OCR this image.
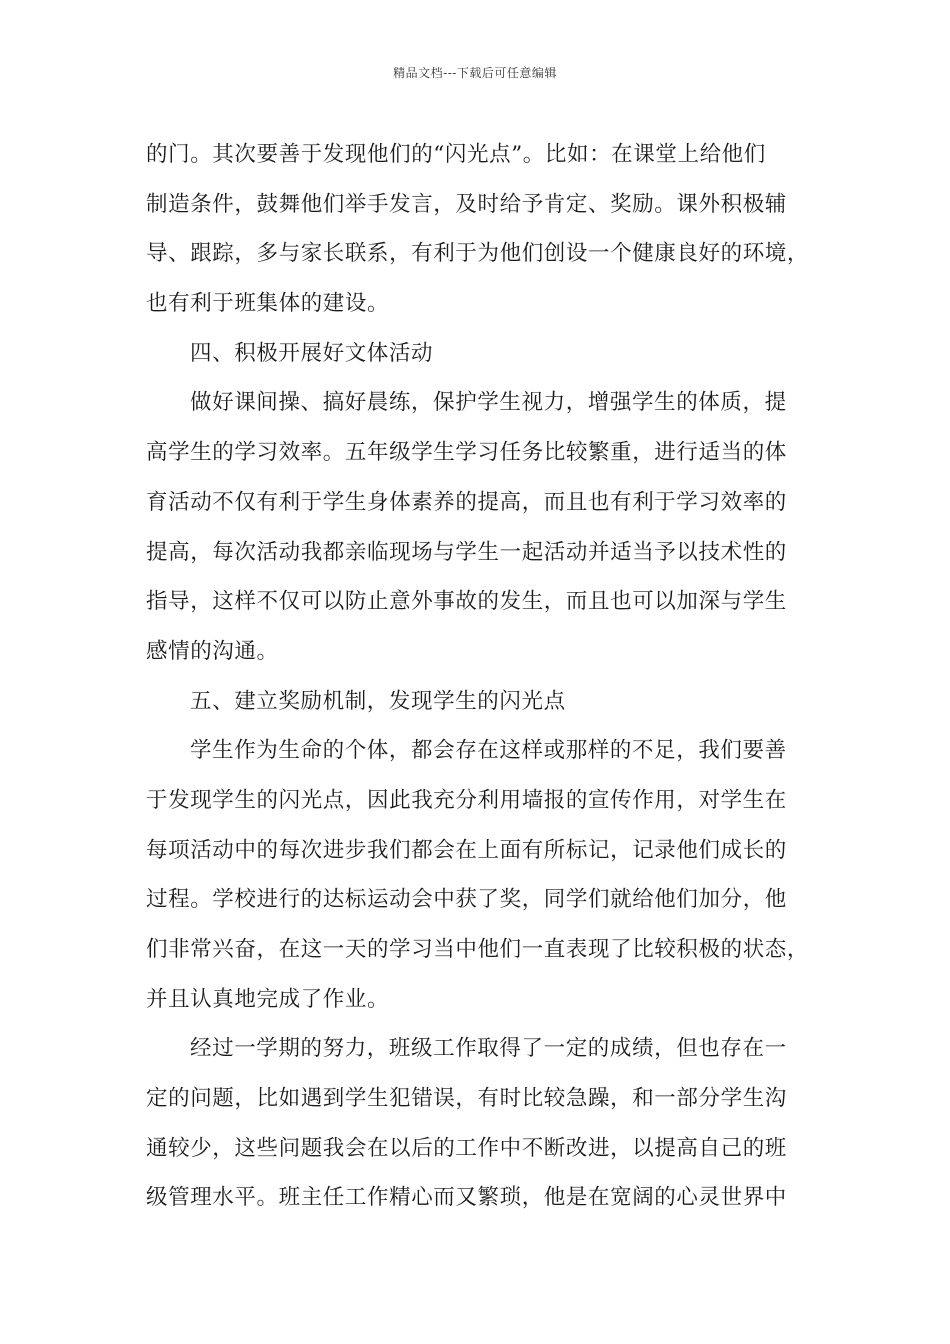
精品文档---下载后可任意编辑
的门。其次要善于发现他们的“闪光点”。比如：在课堂上给他们
制造条件，鼓舞他们举手发言，及时给予肯定、奖励。课外积极辅
导、跟踪，多与家长联系，有利于为他们创设一个健康良好的环境，
也有利于班集体的建设。
四、积极开展好文体活动
做好课间操、搞好晨练，保护学生视力，增强学生的体质，提
高学生的学习效率。五年级学生学习任务比较繁重，进行适当的体
育活动不仅有利于学生身体素养的提高，而且也有利于学习效率的
提高，每次活动我都亲临现场与学生一起活动并适当予以技术性的
指导，这样不仅可以防止意外事故的发生，而且也可以加深与学生
感情的沟通。
五、建立奖励机制，发现学生的闪光点
学生作为生命的个体，都会存在这样或那样的不足，我们要善
于发现学生的闪光点，因此我充分利用墙报的宣传作用，对学生在
每项活动中的每次进步我们都会在上面有所标记，记录他们成长的
过程。学校进行的达标运动会中获了奖，同学们就给他们加分，他
们非常兴奋，在这一天的学习当中他们一直表现了比较积极的状态，
并且认真地完成了作业。
经过一学期的努力，班级工作取得了一定的成绩，但也存在一
定的问题，比如遇到学生犯错误，有时比较急躁，和一部分学生沟
通较少，这些问题我会在以后的工作中不断改进，以提高自己的班
级管理水平。班主任工作精心而又繁琐，他是在宽阔的心灵世界中
